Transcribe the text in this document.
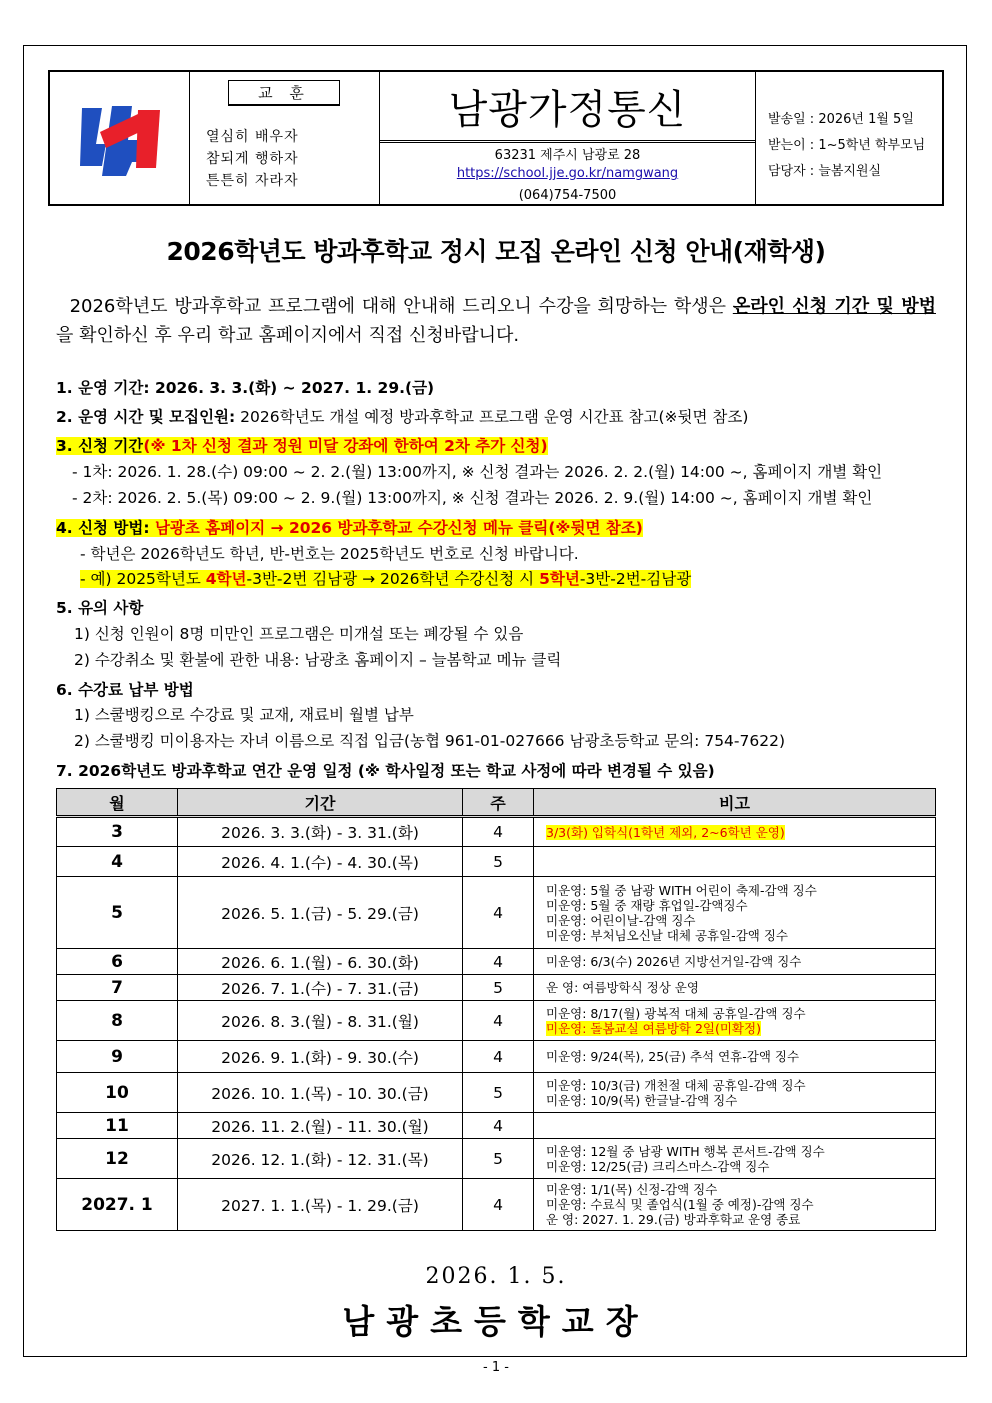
교 훈
열심히 배우자
참되게 행하자
튼튼히 자라자
남광가정통신
63231 제주시 남광로 28
https://school.jje.go.kr/namgwang
(064)754-7500
발송일 : 2026년 1월 5일
받는이 : 1~5학년 학부모님
담당자 : 늘봄지원실
2026학년도 방과후학교 정시 모집 온라인 신청 안내(재학생)
2026학년도 방과후학교 프로그램에 대해 안내해 드리오니 수강을 희망하는 학생은 온라인 신청 기간 및 방법을 확인하신 후 우리 학교 홈페이지에서 직접 신청바랍니다.
1. 운영 기간: 2026. 3. 3.(화) ~ 2027. 1. 29.(금)
2. 운영 시간 및 모집인원: 2026학년도 개설 예정 방과후학교 프로그램 운영 시간표 참고(※뒷면 참조)
3. 신청 기간(※ 1차 신청 결과 정원 미달 강좌에 한하여 2차 추가 신청)
- 1차: 2026. 1. 28.(수) 09:00 ~ 2. 2.(월) 13:00까지, ※ 신청 결과는 2026. 2. 2.(월) 14:00 ~, 홈페이지 개별 확인
- 2차: 2026. 2. 5.(목) 09:00 ~ 2. 9.(월) 13:00까지, ※ 신청 결과는 2026. 2. 9.(월) 14:00 ~, 홈페이지 개별 확인
4. 신청 방법: 남광초 홈페이지 → 2026 방과후학교 수강신청 메뉴 클릭(※뒷면 참조)
- 학년은 2026학년도 학년, 반-번호는 2025학년도 번호로 신청 바랍니다.
- 예) 2025학년도 4학년-3반-2번 김남광 → 2026학년 수강신청 시 5학년-3반-2번-김남광
5. 유의 사항
1) 신청 인원이 8명 미만인 프로그램은 미개설 또는 폐강될 수 있음
2) 수강취소 및 환불에 관한 내용: 남광초 홈페이지 – 늘봄학교 메뉴 클릭
6. 수강료 납부 방법
1) 스쿨뱅킹으로 수강료 및 교재, 재료비 월별 납부
2) 스쿨뱅킹 미이용자는 자녀 이름으로 직접 입금(농협 961-01-027666 남광초등학교 문의: 754-7622)
7. 2026학년도 방과후학교 연간 운영 일정 (※ 학사일정 또는 학교 사정에 따라 변경될 수 있음)
월	기간	주	비고
3	2026. 3. 3.(화) - 3. 31.(화)	4	3/3(화) 입학식(1학년 제외, 2~6학년 운영)
4	2026. 4. 1.(수) - 4. 30.(목)	5	
5	2026. 5. 1.(금) - 5. 29.(금)	4	미운영: 5월 중 남광 WITH 어린이 축제-감액 징수
미운영: 5월 중 재량 휴업일-감액징수
미운영: 어린이날-감액 징수
미운영: 부처님오신날 대체 공휴일-감액 징수

6	2026. 6. 1.(월) - 6. 30.(화)	4	미운영: 6/3(수) 2026년 지방선거일-감액 징수

7	2026. 7. 1.(수) - 7. 31.(금)	5	운 영: 여름방학식 정상 운영

8	2026. 8. 3.(월) - 8. 31.(월)	4	미운영: 8/17(월) 광복적 대체 공휴일-감액 징수
미운영: 돌봄교실 여름방학 2일(미확정)
9	2026. 9. 1.(화) - 9. 30.(수)	4	미운영: 9/24(목), 25(금) 추석 연휴-감액 징수

10	2026. 10. 1.(목) - 10. 30.(금)	5	미운영: 10/3(금) 개천절 대체 공휴일-감액 징수
미운영: 10/9(목) 한글날-감액 징수

11	2026. 11. 2.(월) - 11. 30.(월)	4	
12	2026. 12. 1.(화) - 12. 31.(목)	5	미운영: 12월 중 남광 WITH 행복 콘서트-감액 징수
미운영: 12/25(금) 크리스마스-감액 징수

2027. 1	2027. 1. 1.(목) - 1. 29.(금)	4	미운영: 1/1(목) 신정-감액 징수
미운영: 수료식 및 졸업식(1월 중 예정)-감액 징수
운 영: 2027. 1. 29.(금) 방과후학교 운영 종료
2026. 1. 5.
남광초등학교장
- 1 -
